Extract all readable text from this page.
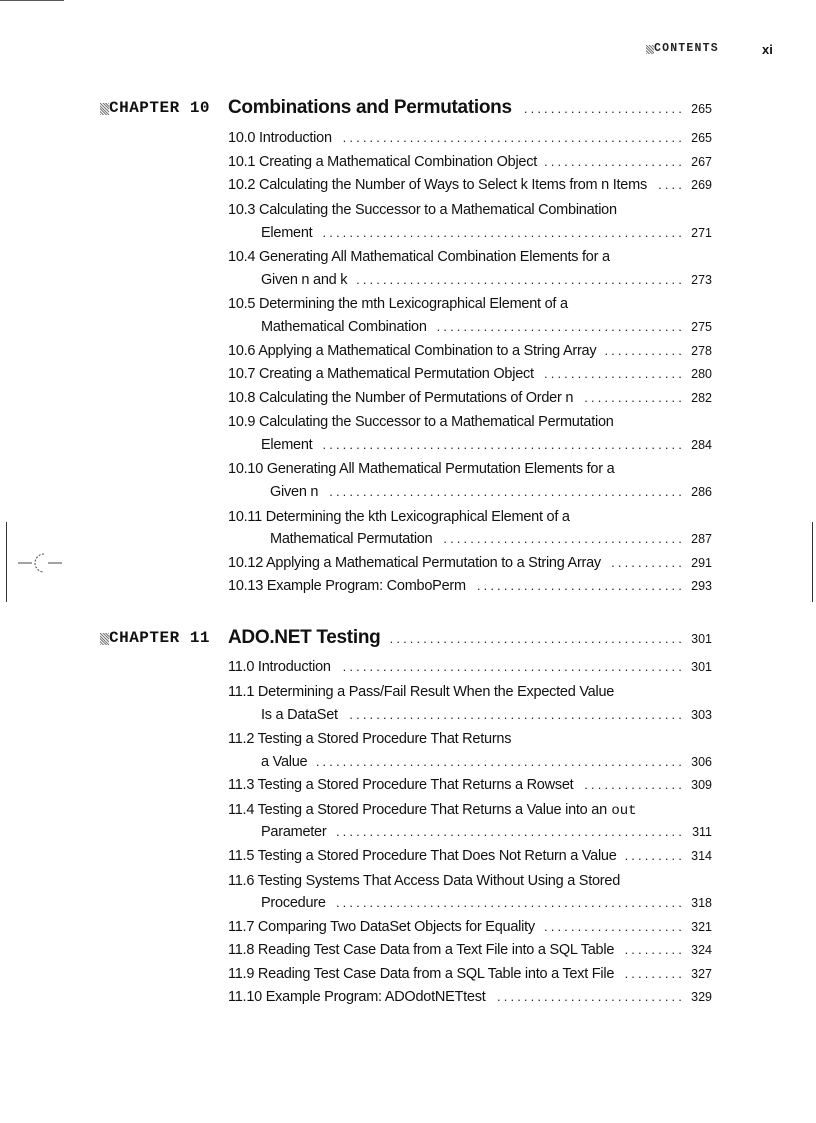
CONTENTS	xi
CHAPTER 10 Combinations and Permutations .....	265
10.0 Introduction .....	265
10.1 Creating a Mathematical Combination Object .....	267
10.2 Calculating the Number of Ways to Select k Items from n Items .....	269
10.3 Calculating the Successor to a Mathematical Combination
Element .....	271
10.4 Generating All Mathematical Combination Elements for a
Given n and k .....	273
10.5 Determining the mth Lexicographical Element of a
Mathematical Combination .....	275
10.6 Applying a Mathematical Combination to a String Array .....	278
10.7 Creating a Mathematical Permutation Object .....	280
10.8 Calculating the Number of Permutations of Order n .....	282
10.9 Calculating the Successor to a Mathematical Permutation
Element .....	284
10.10 Generating All Mathematical Permutation Elements for a
Given n .....	286
10.11 Determining the kth Lexicographical Element of a
Mathematical Permutation .....	287
10.12 Applying a Mathematical Permutation to a String Array .....	291
10.13 Example Program: ComboPerm .....	293
CHAPTER 11 ADO.NET Testing .....	301
11.0 Introduction .....	301
11.1 Determining a Pass/Fail Result When the Expected Value
Is a DataSet .....	303
11.2 Testing a Stored Procedure That Returns
a Value .....	306
11.3 Testing a Stored Procedure That Returns a Rowset .....	309
11.4 Testing a Stored Procedure That Returns a Value into an out
Parameter .....	311
11.5 Testing a Stored Procedure That Does Not Return a Value .....	314
11.6 Testing Systems That Access Data Without Using a Stored
Procedure .....	318
11.7 Comparing Two DataSet Objects for Equality .....	321
11.8 Reading Test Case Data from a Text File into a SQL Table .....	324
11.9 Reading Test Case Data from a SQL Table into a Text File .....	327
11.10 Example Program: ADOdotNETtest .....	329
